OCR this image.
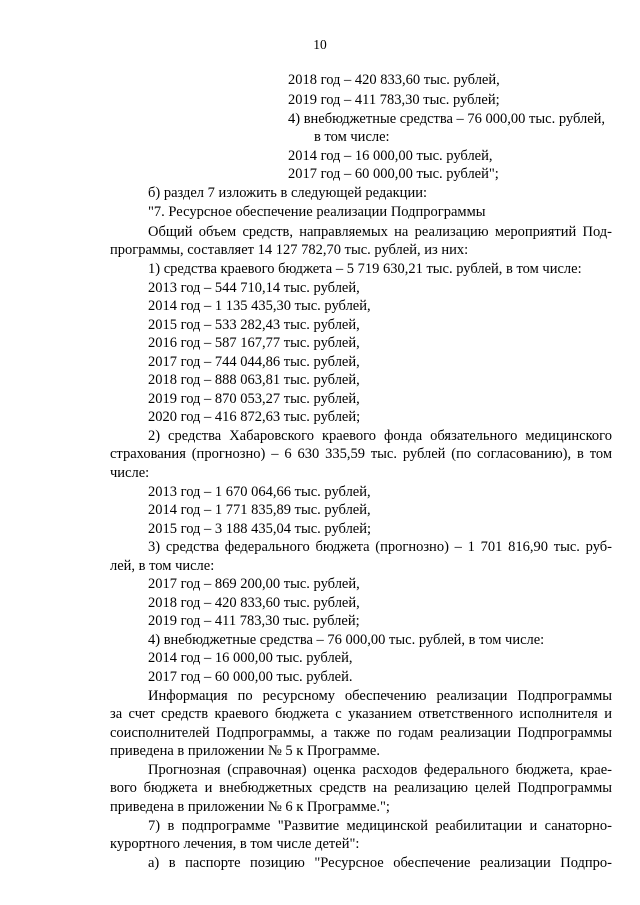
10
2018 год – 420 833,60 тыс. рублей,
2019 год – 411 783,30 тыс. рублей;
4) внебюджетные средства – 76 000,00 тыс. рублей,
в том числе:
2014 год – 16 000,00 тыс. рублей,
2017 год – 60 000,00 тыс. рублей";
б) раздел 7 изложить в следующей редакции:
"7. Ресурсное обеспечение реализации Подпрограммы
Общий объем средств, направляемых на реализацию мероприятий Под-
программы, составляет 14 127 782,70 тыс. рублей, из них:
1) средства краевого бюджета – 5 719 630,21 тыс. рублей, в том числе:
2013 год – 544 710,14 тыс. рублей,
2014 год – 1 135 435,30 тыс. рублей,
2015 год – 533 282,43 тыс. рублей,
2016 год – 587 167,77 тыс. рублей,
2017 год – 744 044,86 тыс. рублей,
2018 год – 888 063,81 тыс. рублей,
2019 год – 870 053,27 тыс. рублей,
2020 год – 416 872,63 тыс. рублей;
2) средства Хабаровского краевого фонда обязательного медицинского
страхования (прогнозно) – 6 630 335,59 тыс. рублей (по согласованию), в том
числе:
2013 год – 1 670 064,66 тыс. рублей,
2014 год – 1 771 835,89 тыс. рублей,
2015 год – 3 188 435,04 тыс. рублей;
3) средства федерального бюджета (прогнозно) – 1 701 816,90 тыс. руб-
лей, в том числе:
2017 год – 869 200,00 тыс. рублей,
2018 год – 420 833,60 тыс. рублей,
2019 год – 411 783,30 тыс. рублей;
4) внебюджетные средства – 76 000,00 тыс. рублей, в том числе:
2014 год – 16 000,00 тыс. рублей,
2017 год – 60 000,00 тыс. рублей.
Информация по ресурсному обеспечению реализации Подпрограммы
за счет средств краевого бюджета с указанием ответственного исполнителя и
соисполнителей Подпрограммы, а также по годам реализации Подпрограммы
приведена в приложении № 5 к Программе.
Прогнозная (справочная) оценка расходов федерального бюджета, крае-
вого бюджета и внебюджетных средств на реализацию целей Подпрограммы
приведена в приложении № 6 к Программе.";
7) в подпрограмме "Развитие медицинской реабилитации и санаторно-
курортного лечения, в том числе детей":
а) в паспорте позицию "Ресурсное обеспечение реализации Подпро-
